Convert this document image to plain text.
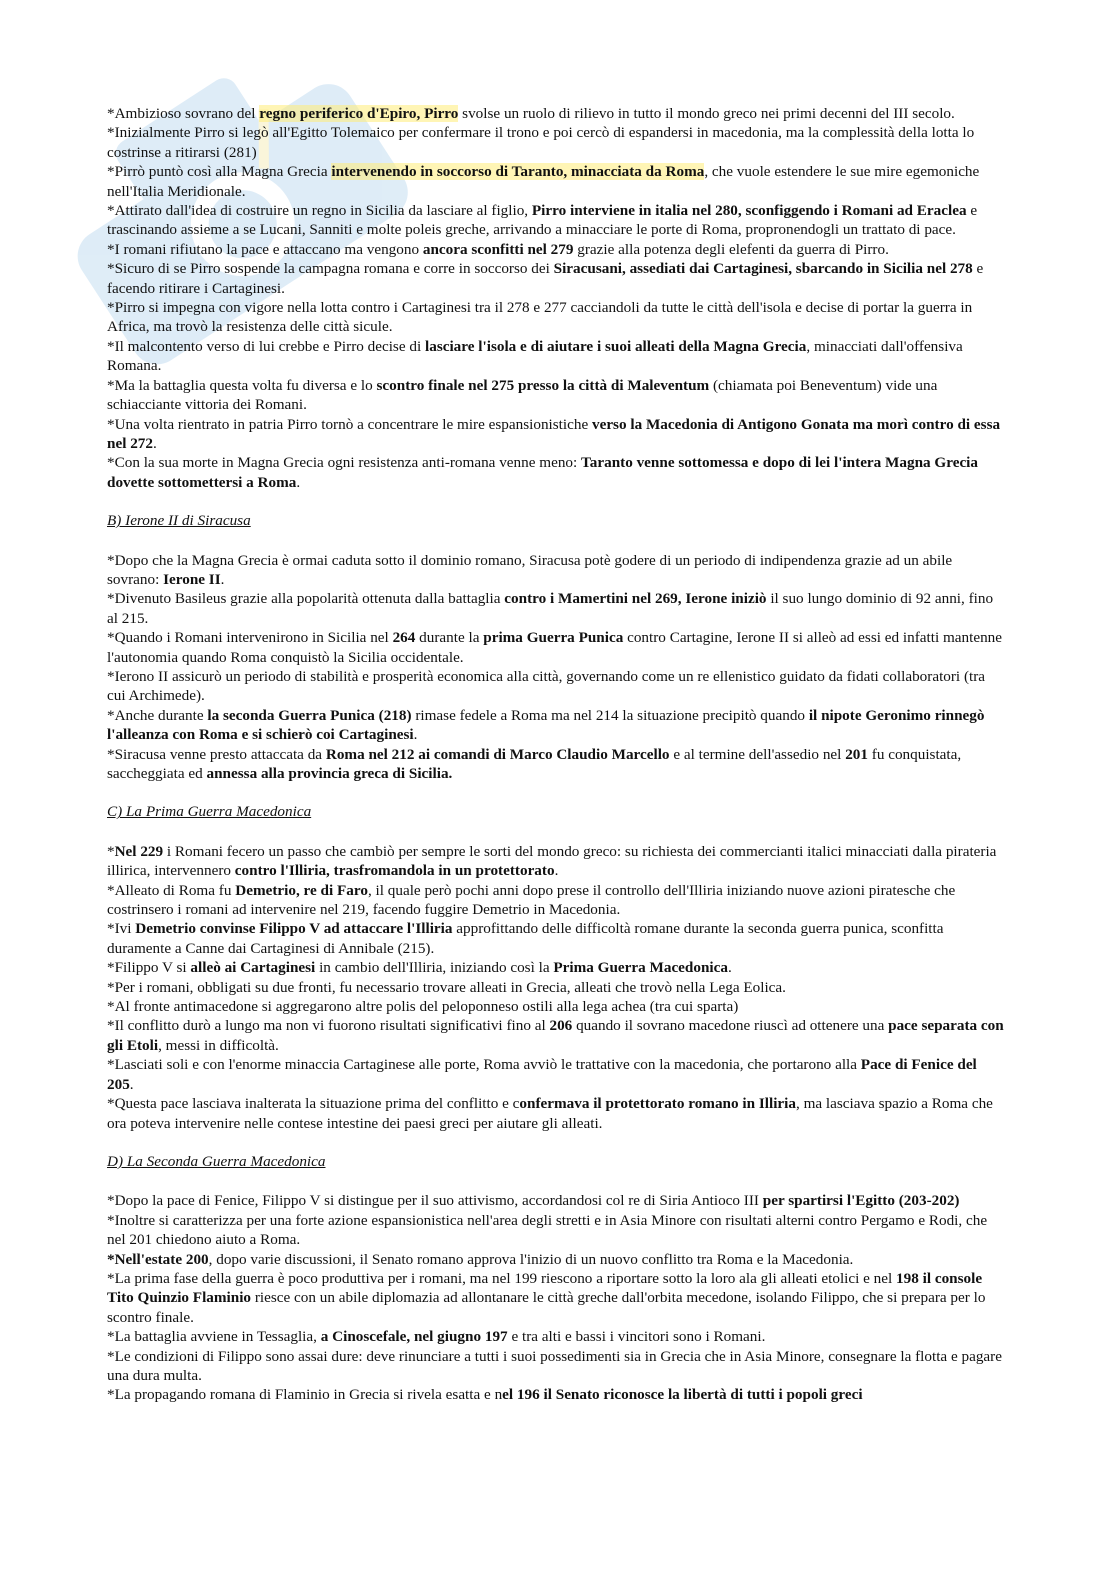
*Ambizioso sovrano del regno periferico d'Epiro, Pirro svolse un ruolo di rilievo in tutto il mondo greco nei primi decenni del III secolo.

*Inizialmente Pirro si legò all'Egitto Tolemaico per confermare il trono e poi cercò di espandersi in macedonia, ma la complessità della lotta lo costrinse a ritirarsi (281)

*Pirrò puntò così alla Magna Grecia intervenendo in soccorso di Taranto, minacciata da Roma, che vuole estendere le sue mire egemoniche nell'Italia Meridionale.

*Attirato dall'idea di costruire un regno in Sicilia da lasciare al figlio, Pirro interviene in italia nel 280, sconfiggendo i Romani ad Eraclea e trascinando assieme a se Lucani, Sanniti e molte poleis greche, arrivando a minacciare le porte di Roma, propronendogli un trattato di pace.

*I romani rifiutano la pace e attaccano ma vengono ancora sconfitti nel 279 grazie alla potenza degli elefenti da guerra di Pirro.

*Sicuro di se Pirro sospende la campagna romana e corre in soccorso dei Siracusani, assediati dai Cartaginesi, sbarcando in Sicilia nel 278 e facendo ritirare i Cartaginesi.

*Pirro si impegna con vigore nella lotta contro i Cartaginesi tra il 278 e 277 cacciandoli da tutte le città dell'isola e decise di portar la guerra in Africa, ma trovò la resistenza delle città sicule.

*Il malcontento verso di lui crebbe e Pirro decise di lasciare l'isola e di aiutare i suoi alleati della Magna Grecia, minacciati dall'offensiva Romana.

*Ma la battaglia questa volta fu diversa e lo scontro finale nel 275 presso la città di Maleventum (chiamata poi Beneventum) vide una schiacciante vittoria dei Romani.

*Una volta rientrato in patria Pirro tornò a concentrare le mire espansionistiche verso la Macedonia di Antigono Gonata ma morì contro di essa nel 272.

*Con la sua morte in Magna Grecia ogni resistenza anti-romana venne meno: Taranto venne sottomessa e dopo di lei l'intera Magna Grecia dovette sottomettersi a Roma.

B) Ierone II di Siracusa

*Dopo che la Magna Grecia è ormai caduta sotto il dominio romano, Siracusa potè godere di un periodo di indipendenza grazie ad un abile sovrano: Ierone II.

*Divenuto Basileus grazie alla popolarità ottenuta dalla battaglia contro i Mamertini nel 269, Ierone iniziò il suo lungo dominio di 92 anni, fino al 215.

*Quando i Romani intervenirono in Sicilia nel 264 durante la prima Guerra Punica contro Cartagine, Ierone II si alleò ad essi ed infatti mantenne l'autonomia quando Roma conquistò la Sicilia occidentale.

*Ierono II assicurò un periodo di stabilità e prosperità economica alla città, governando come un re ellenistico guidato da fidati collaboratori (tra cui Archimede).

*Anche durante la seconda Guerra Punica (218) rimase fedele a Roma ma nel 214 la situazione precipitò quando il nipote Geronimo rinnegò l'alleanza con Roma e si schierò coi Cartaginesi.

*Siracusa venne presto attaccata da Roma nel 212 ai comandi di Marco Claudio Marcello e al termine dell'assedio nel 201 fu conquistata, saccheggiata ed annessa alla provincia greca di Sicilia.

C) La Prima Guerra Macedonica

*Nel 229 i Romani fecero un passo che cambiò per sempre le sorti del mondo greco: su richiesta dei commercianti italici minacciati dalla pirateria illirica, intervennero contro l'Illiria, trasfromandola in un protettorato.

*Alleato di Roma fu Demetrio, re di Faro, il quale però pochi anni dopo prese il controllo dell'Illiria iniziando nuove azioni piratesche che costrinsero i romani ad intervenire nel 219, facendo fuggire Demetrio in Macedonia.

*Ivi Demetrio convinse Filippo V ad attaccare l'Illiria approfittando delle difficoltà romane durante la seconda guerra punica, sconfitta duramente a Canne dai Cartaginesi di Annibale (215).

*Filippo V si alleò ai Cartaginesi in cambio dell'Illiria, iniziando così la Prima Guerra Macedonica.

*Per i romani, obbligati su due fronti, fu necessario trovare alleati in Grecia, alleati che trovò nella Lega Eolica.

*Al fronte antimacedone si aggregarono altre polis del peloponneso ostili alla lega achea (tra cui sparta)

*Il conflitto durò a lungo ma non vi fuorono risultati significativi fino al 206 quando il sovrano macedone riuscì ad ottenere una pace separata con gli Etoli, messi in difficoltà.

*Lasciati soli e con l'enorme minaccia Cartaginese alle porte, Roma avviò le trattative con la macedonia, che portarono alla Pace di Fenice del 205.

*Questa pace lasciava inalterata la situazione prima del conflitto e confermava il protettorato romano in Illiria, ma lasciava spazio a Roma che ora poteva intervenire nelle contese intestine dei paesi greci per aiutare gli alleati.

D) La Seconda Guerra Macedonica

*Dopo la pace di Fenice, Filippo V si distingue per il suo attivismo, accordandosi col re di Siria Antioco III per spartirsi l'Egitto (203-202)

*Inoltre si caratterizza per una forte azione espansionistica nell'area degli stretti e in Asia Minore con risultati alterni contro Pergamo e Rodi, che nel 201 chiedono aiuto a Roma.

*Nell'estate 200, dopo varie discussioni, il Senato romano approva l'inizio di un nuovo conflitto tra Roma e la Macedonia.

*La prima fase della guerra è poco produttiva per i romani, ma nel 199 riescono a riportare sotto la loro ala gli alleati etolici e nel 198 il console Tito Quinzio Flaminio riesce con un abile diplomazia ad allontanare le città greche dall'orbita mecedone, isolando Filippo, che si prepara per lo scontro finale.

*La battaglia avviene in Tessaglia, a Cinoscefale, nel giugno 197 e tra alti e bassi i vincitori sono i Romani.

*Le condizioni di Filippo sono assai dure: deve rinunciare a tutti i suoi possedimenti sia in Grecia che in Asia Minore, consegnare la flotta e pagare una dura multa.

*La propagando romana di Flaminio in Grecia si rivela esatta e nel 196 il Senato riconosce la libertà di tutti i popoli greci
